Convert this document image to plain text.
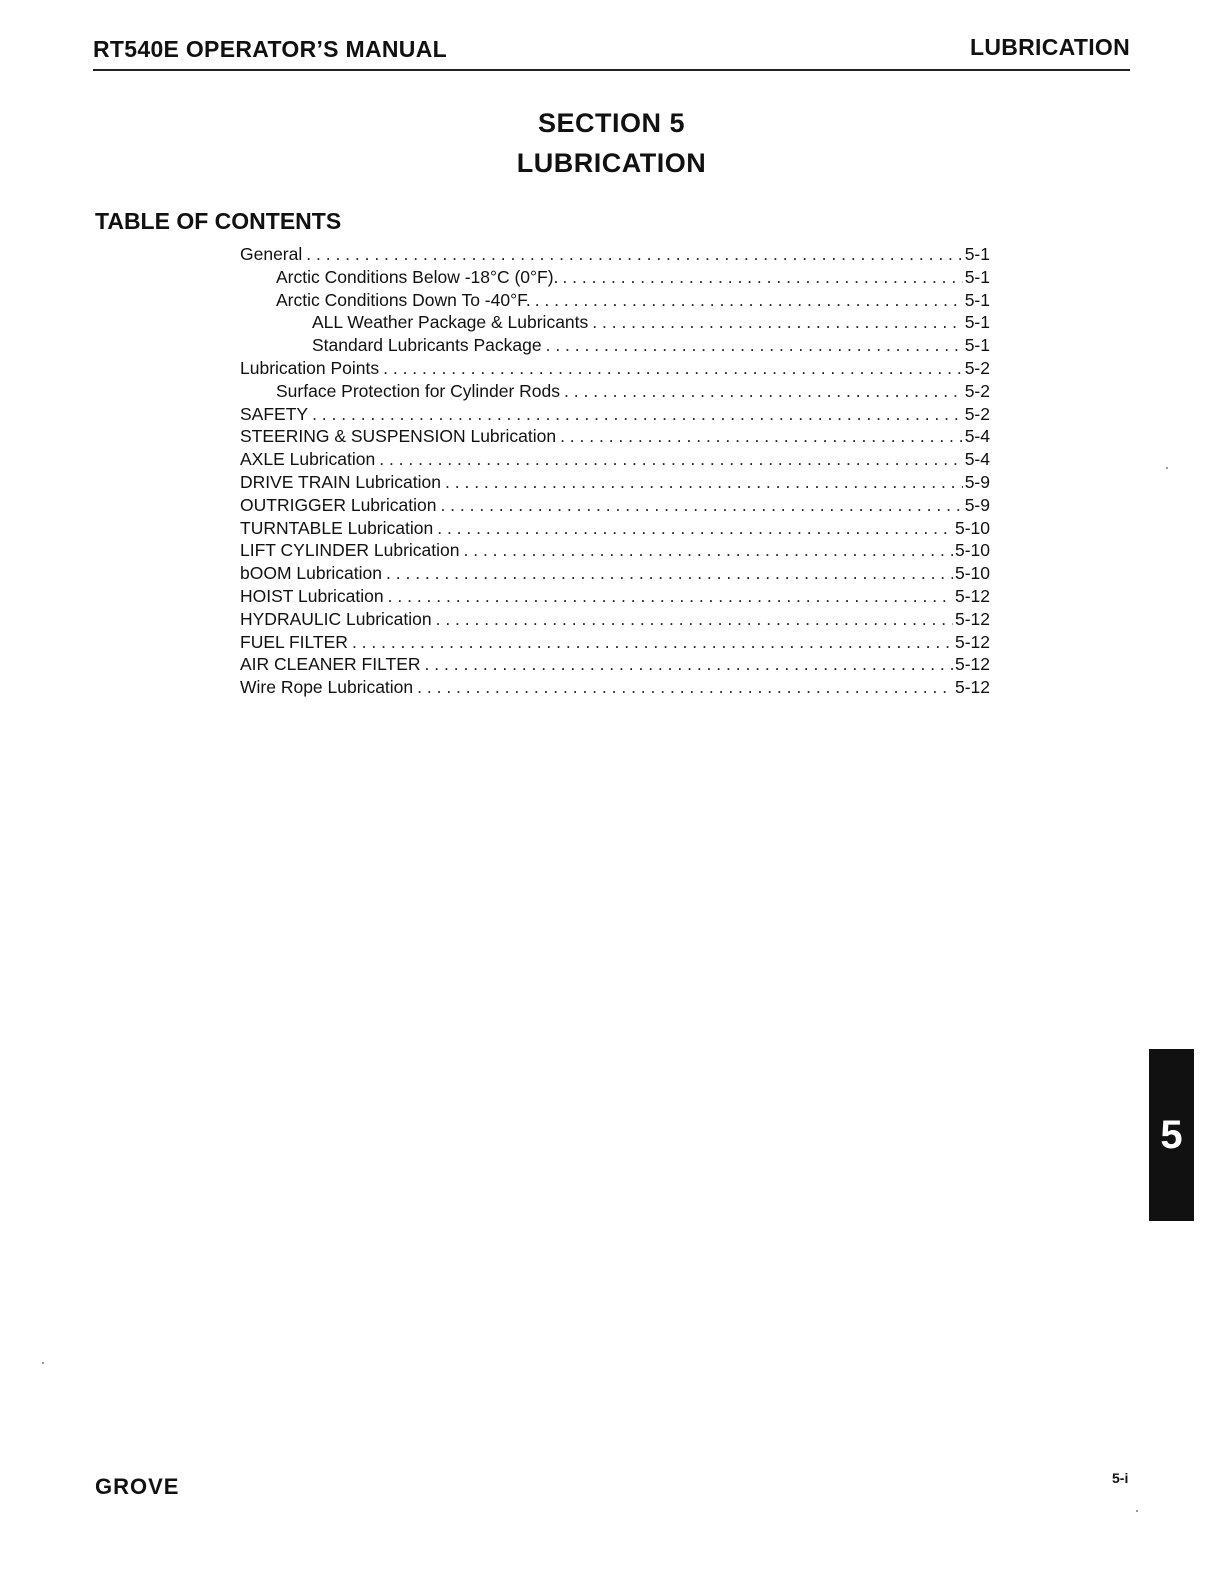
RT540E OPERATOR’S MANUAL	LUBRICATION
SECTION 5
LUBRICATION
TABLE OF CONTENTS
General . . .	5-1
Arctic Conditions Below -18°C (0°F). . . .	5-1
Arctic Conditions Down To -40°F. . . .	5-1
ALL Weather Package & Lubricants . . .	5-1
Standard Lubricants Package . . .	5-1
Lubrication Points . . .	5-2
Surface Protection for Cylinder Rods . . .	5-2
SAFETY . . .	5-2
STEERING & SUSPENSION Lubrication . . .	5-4
AXLE Lubrication . . .	5-4
DRIVE TRAIN Lubrication . . .	5-9
OUTRIGGER Lubrication . . .	5-9
TURNTABLE Lubrication . . .	5-10
LIFT CYLINDER Lubrication . . .	5-10
bOOM Lubrication . . .	5-10
HOIST Lubrication . . .	5-12
HYDRAULIC Lubrication . . .	5-12
FUEL FILTER . . .	5-12
AIR CLEANER FILTER . . .	5-12
Wire Rope Lubrication . . .	5-12
5
GROVE	5-i
